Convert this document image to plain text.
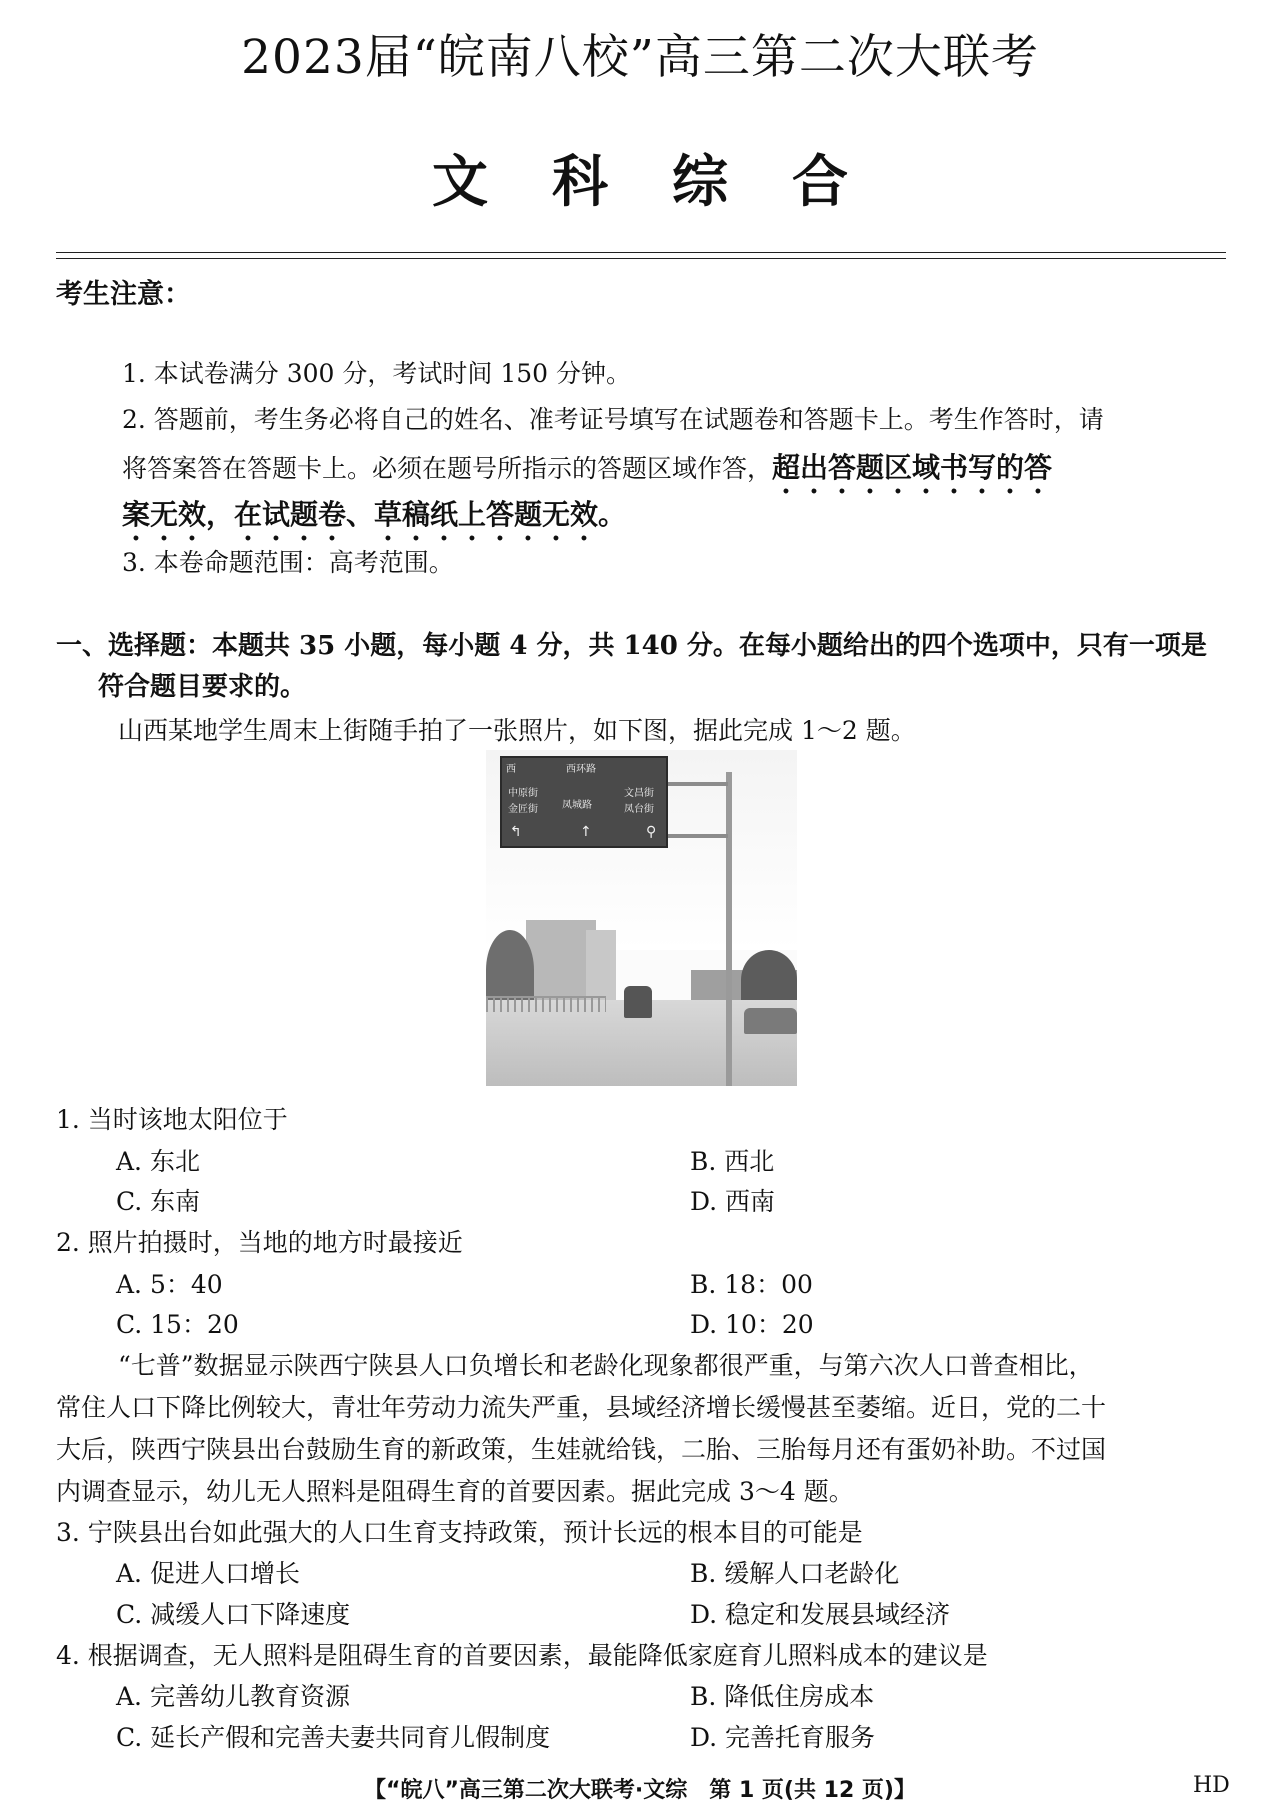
2023届“皖南八校”高三第二次大联考
文科综合
考生注意：
1. 本试卷满分 300 分，考试时间 150 分钟。
2. 答题前，考生务必将自己的姓名、准考证号填写在试题卷和答题卡上。考生作答时，请
将答案答在答题卡上。必须在题号所指示的答题区域作答，超出答题区域书写的答
案无效，在试题卷、草稿纸上答题无效。
3. 本卷命题范围：高考范围。
一、选择题：本题共 35 小题，每小题 4 分，共 140 分。在每小题给出的四个选项中，只有一项是
符合题目要求的。
山西某地学生周末上街随手拍了一张照片，如下图，据此完成 1～2 题。
西	西环路
中原街
金匠街 凤城路
文昌街
凤台街
↰	↑	⚲
1. 当时该地太阳位于
A. 东北	B. 西北
C. 东南	D. 西南
2. 照片拍摄时，当地的地方时最接近
A. 5：40	B. 18：00
C. 15：20	D. 10：20
“七普”数据显示陕西宁陕县人口负增长和老龄化现象都很严重，与第六次人口普查相比，
常住人口下降比例较大，青壮年劳动力流失严重，县域经济增长缓慢甚至萎缩。近日，党的二十
大后，陕西宁陕县出台鼓励生育的新政策，生娃就给钱，二胎、三胎每月还有蛋奶补助。不过国
内调查显示，幼儿无人照料是阻碍生育的首要因素。据此完成 3～4 题。
3. 宁陕县出台如此强大的人口生育支持政策，预计长远的根本目的可能是
A. 促进人口增长	B. 缓解人口老龄化
C. 减缓人口下降速度	D. 稳定和发展县域经济
4. 根据调查，无人照料是阻碍生育的首要因素，最能降低家庭育儿照料成本的建议是
A. 完善幼儿教育资源	B. 降低住房成本
C. 延长产假和完善夫妻共同育儿假制度	D. 完善托育服务
【“皖八”高三第二次大联考·文综　第 1 页(共 12 页)】	HD
